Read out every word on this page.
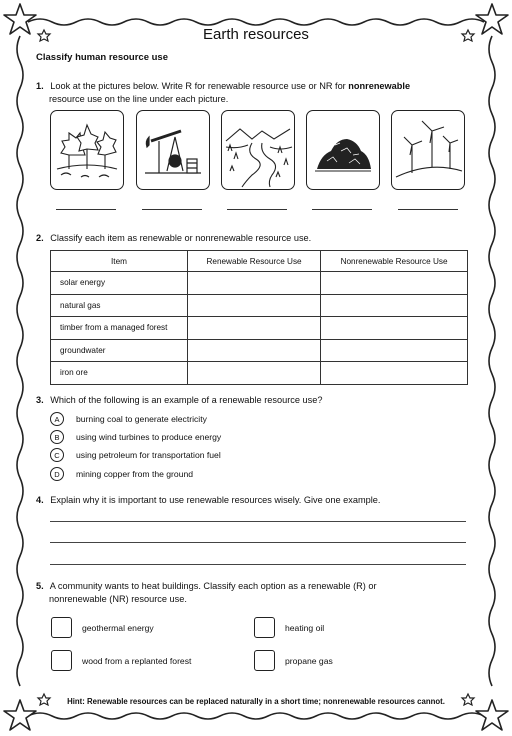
Earth resources
Classify human resource use
1. Look at the pictures below. Write R for renewable resource use or NR for nonrenewable
resource use on the line under each picture.
2. Classify each item as renewable or nonrenewable resource use.
Item	Renewable Resource Use	Nonrenewable Resource Use
solar energy		
natural gas		
timber from a managed forest		
groundwater		
iron ore		
3. Which of the following is an example of a renewable resource use?
A	burning coal to generate electricity
B	using wind turbines to produce energy
C	using petroleum for transportation fuel
D	mining copper from the ground
4. Explain why it is important to use renewable resources wisely. Give one example.
5. A community wants to heat buildings. Classify each option as a renewable (R) or
nonrenewable (NR) resource use.
geothermal energy	heating oil
wood from a replanted forest	propane gas
Hint: Renewable resources can be replaced naturally in a short time; nonrenewable resources cannot.
